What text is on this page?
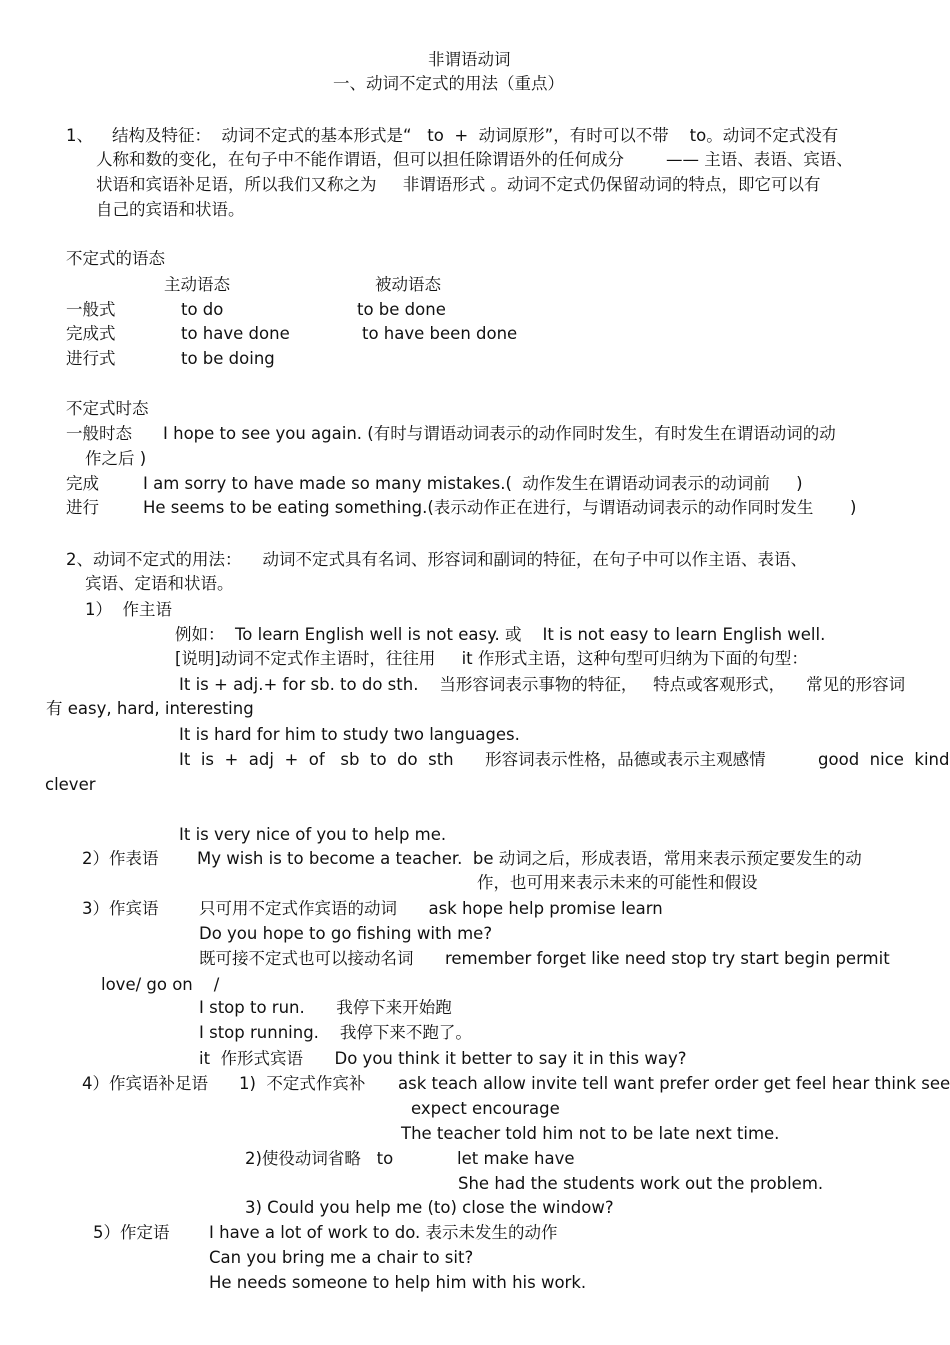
非谓语动词
一、动词不定式的用法（重点）
1、 结构及特征：  动词不定式的基本形式是“   to  +  动词原形”，有时可以不带    to。动词不定式没有
人称和数的变化，在句子中不能作谓语，但可以担任除谓语外的任何成分        —— 主语、表语、宾语、
状语和宾语补足语，所以我们又称之为     非谓语形式 。动词不定式仍保留动词的特点，即它可以有
自己的宾语和状语。
不定式的语态
主动语态	被动语态
一般式	to do	to be done
完成式	to have done	to have been done
进行式	to be doing
不定式时态
一般时态 I hope to see you again. (有时与谓语动词表示的动作同时发生，有时发生在谓语动词的动
作之后 )
完成	I am sorry to have made so many mistakes.(  动作发生在谓语动词表示的动词前     )
进行	He seems to be eating something.(表示动作正在进行，与谓语动词表示的动作同时发生       )
2、动词不定式的用法：    动词不定式具有名词、形容词和副词的特征，在句子中可以作主语、表语、
宾语、定语和状语。
1）  作主语
例如：  To learn English well is not easy. 或    It is not easy to learn English well.
[说明]动词不定式作主语时，往往用     it 作形式主语，这种句型可归纳为下面的句型：
It is + adj.+ for sb. to do sth.    当形容词表示事物的特征，   特点或客观形式，    常见的形容词
有 easy, hard, interesting
It is hard for him to study two languages.
It  is  +  adj  +  of   sb  to  do  sth      形容词表示性格，品德或表示主观感情          good  nice  kind
clever
It is very nice of you to help me.
2）作表语 My wish is to become a teacher.  be 动词之后，形成表语，常用来表示预定要发生的动
作，也可用来表示未来的可能性和假设
3）作宾语 只可用不定式作宾语的动词      ask hope help promise learn
Do you hope to go fishing with me?
既可接不定式也可以接动名词      remember forget like need stop try start begin permit
love/ go on    /
I stop to run.      我停下来开始跑
I stop running.    我停下来不跑了。
it  作形式宾语      Do you think it better to say it in this way?
4）作宾语补足语 1)  不定式作宾补 ask teach allow invite tell want prefer order get feel hear think see
expect encourage
The teacher told him not to be late next time.
2)使役动词省略   to	let make have
She had the students work out the problem.
3) Could you help me (to) close the window?
5）作定语 I have a lot of work to do. 表示未发生的动作
Can you bring me a chair to sit?
He needs someone to help him with his work.
